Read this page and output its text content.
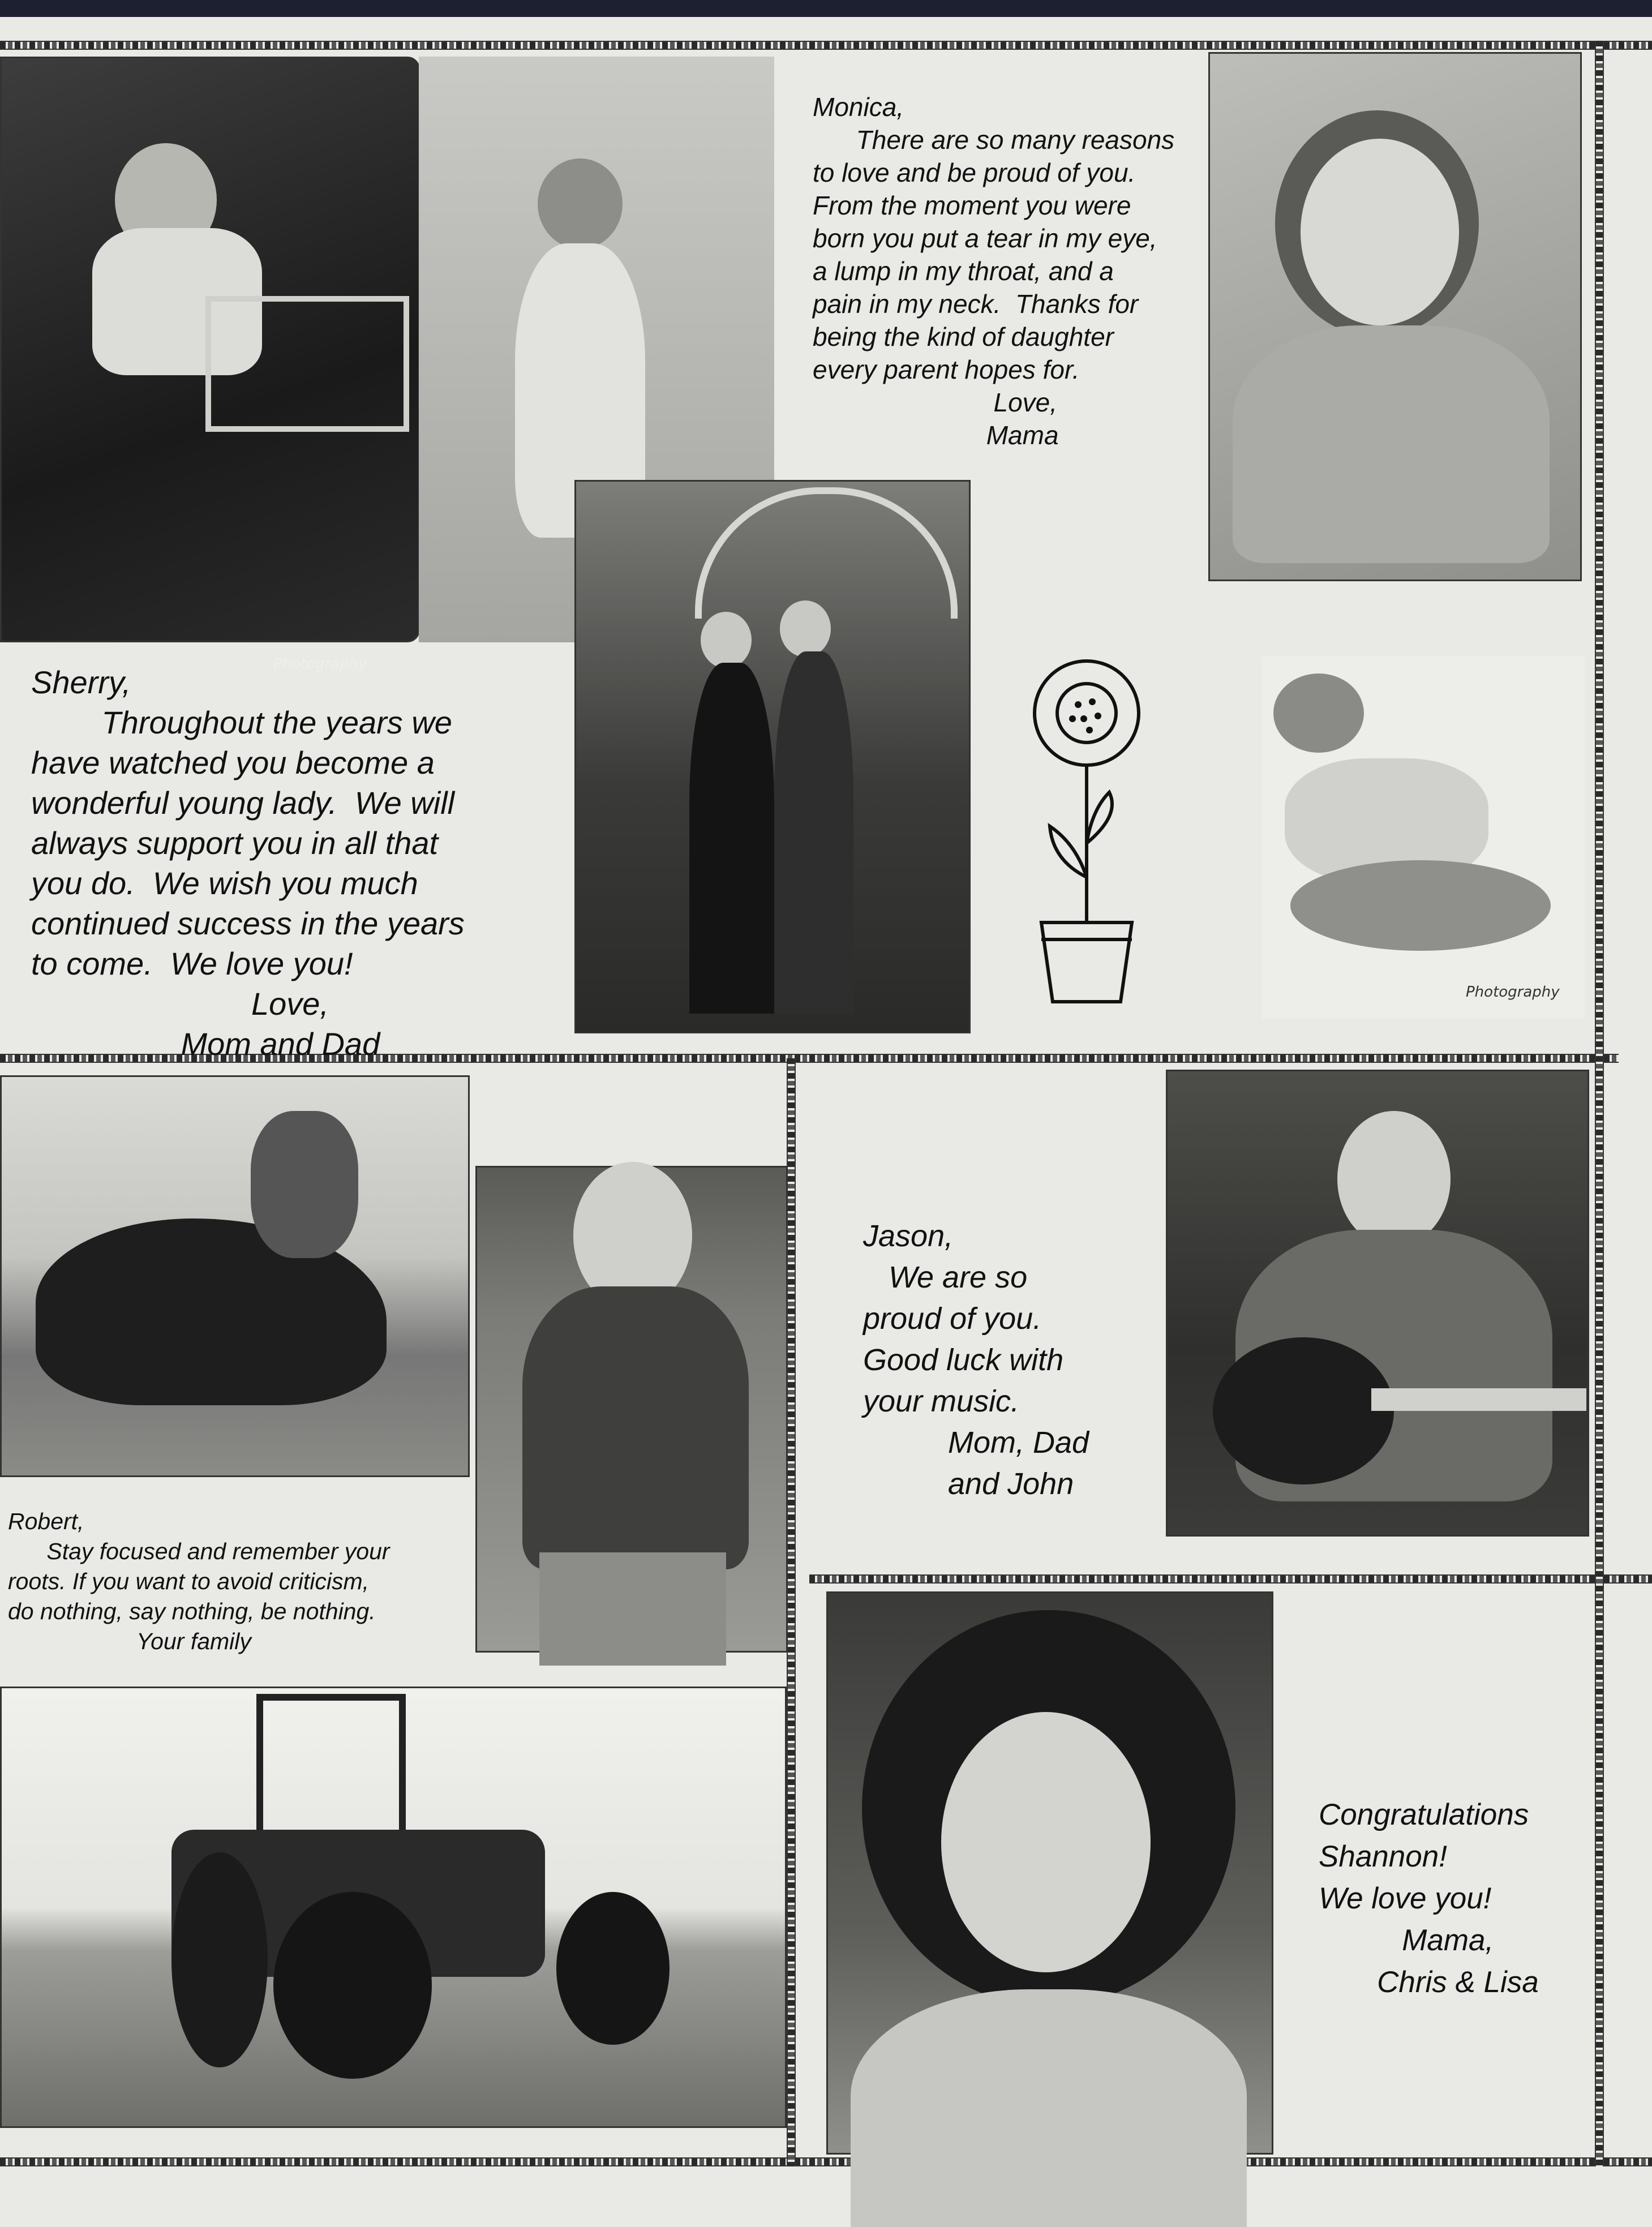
Photography
Monica,
There are so many reasons
to love and be proud of you.
From the moment you were
born you put a tear in my eye,
a lump in my throat, and a
pain in my neck.  Thanks for
being the kind of daughter
every parent hopes for.
Love,
Mama
Photography
Sherry,
Throughout the years we
have watched you become a
wonderful young lady.  We will
always support you in all that
you do.  We wish you much
continued success in the years
to come.  We love you!
Love,
Mom and Dad
Robert,
Stay focused and remember your
roots. If you want to avoid criticism,
do nothing, say nothing, be nothing.
Your family
Jason,
We are so
proud of you.
Good luck with
your music.
Mom, Dad
and John
Congratulations
Shannon!
We love you!
Mama,
Chris & Lisa
